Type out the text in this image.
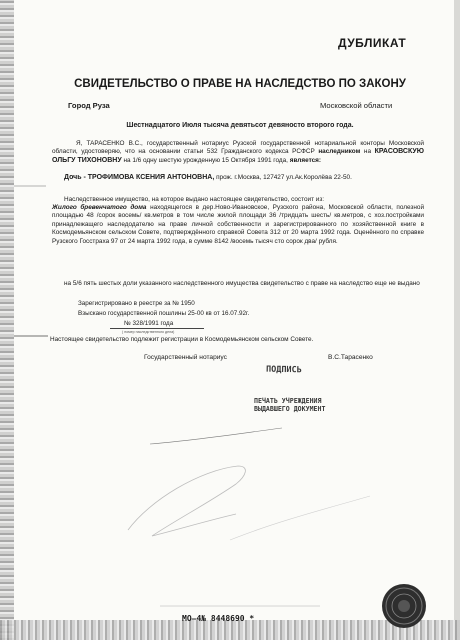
ДУБЛИКАТ
СВИДЕТЕЛЬСТВО О ПРАВЕ НА НАСЛЕДСТВО ПО ЗАКОНУ
Город Руза	Московской области
Шестнадцатого Июля тысяча девятьсот девяносто второго года.
Я, ТАРАСЕНКО В.С., государственный нотариус Рузской государственной нотариальной конторы Московской области, удостоверяю, что на основании статьи 532 Гражданского кодекса РСФСР наследником на КРАСОВСКУЮ ОЛЬГУ ТИХОНОВНУ на 1/6 одну шестую урожденную 15 Октября 1991 года, является:
Дочь - ТРОФИМОВА КСЕНИЯ АНТОНОВНА, прож. г.Москва, 127427 ул.Ак.Королёва 22-50.
Наследственное имущество, на которое выдано настоящее свидетельство, состоит из:
Жилого бревенчатого дома находящегося в дер.Ново-Ивановское, Рузского района, Московской области, полезной площадью 48 /сорок восемь/ кв.метров в том числе жилой площади 36 /тридцать шесть/ кв.метров, с хоз.постройками принадлежащего наследодателю на праве личной собственности и зарегистрированного по хозяйственной книге в Космодемьянском сельском Совете, подтверждённого справкой Совета 312 от 20 марта 1992 года. Оценённого по справке Рузского Госстраха 97 от 24 марта 1992 года, в сумме 8142 /восемь тысяч сто сорок два/ рубля.
на 5/6 пять шестых доли указанного наследственного имущества свидетельство с праве на наследство еще не выдано
Зарегистрировано в реестре за № 1950
Взыскано государственной пошлины 25-00 кв от 16.07.92г.
№ 328/1991 года
( номер наследственного дела)
Настоящее свидетельство подлежит регистрации в Космодемьянском сельском Совете.
Государственный нотариус	В.С.Тарасенко
ПОДПИСЬ
ПЕЧАТЬ УЧРЕЖДЕНИЯ
ВЫДАВШЕГО ДОКУМЕНТ
МО–4№ 8448690 *
